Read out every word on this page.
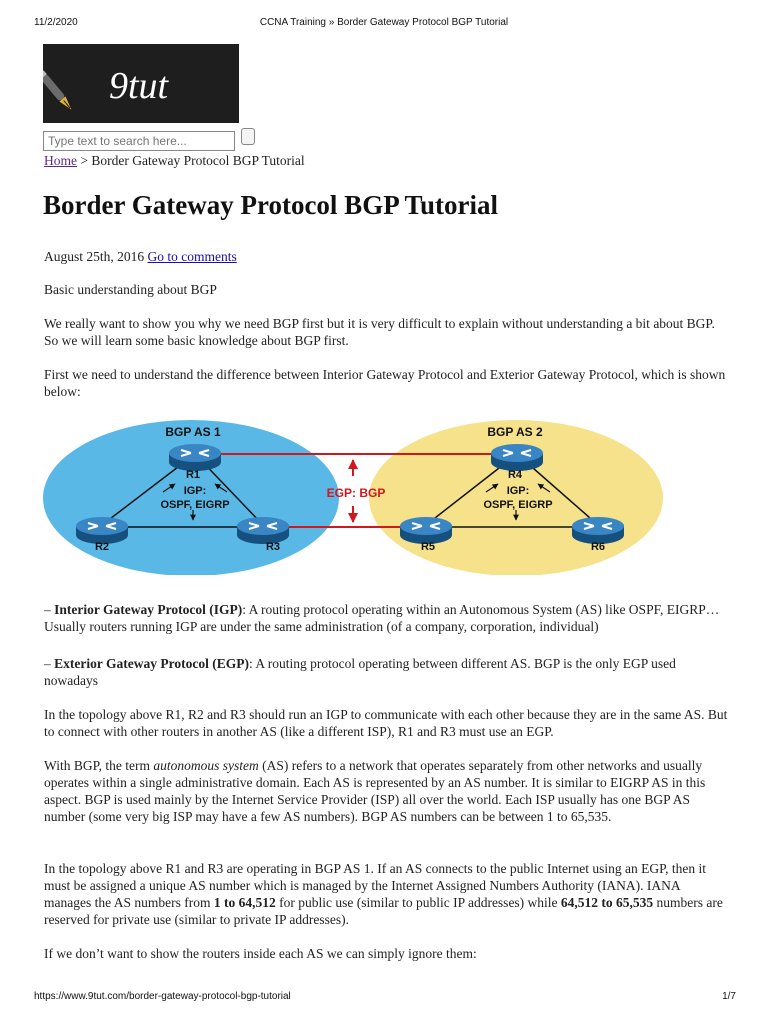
11/2/2020	CCNA Training » Border Gateway Protocol BGP Tutorial
9tut
Type text to search here...
Home > Border Gateway Protocol BGP Tutorial
Border Gateway Protocol BGP Tutorial
August 25th, 2016 Go to comments

Basic understanding about BGP

We really want to show you why we need BGP first but it is very difficult to explain without understanding a bit about BGP. So we will learn some basic knowledge about BGP first.

First we need to understand the difference between Interior Gateway Protocol and Exterior Gateway Protocol, which is shown below:

BGP AS 1	BGP AS 2
EGP: BGP
IGP:
OSPF, EIGRP
IGP:
OSPF, EIGRP
R1
R2	R3
R4
R5	R6

– Interior Gateway Protocol (IGP): A routing protocol operating within an Autonomous System (AS) like OSPF, EIGRP… Usually routers running IGP are under the same administration (of a company, corporation, individual)

– Exterior Gateway Protocol (EGP): A routing protocol operating between different AS. BGP is the only EGP used nowadays

In the topology above R1, R2 and R3 should run an IGP to communicate with each other because they are in the same AS. But to connect with other routers in another AS (like a different ISP), R1 and R3 must use an EGP.

With BGP, the term autonomous system (AS) refers to a network that operates separately from other networks and usually operates within a single administrative domain. Each AS is represented by an AS number. It is similar to EIGRP AS in this aspect. BGP is used mainly by the Internet Service Provider (ISP) all over the world. Each ISP usually has one BGP AS number (some very big ISP may have a few AS numbers). BGP AS numbers can be between 1 to 65,535.

In the topology above R1 and R3 are operating in BGP AS 1. If an AS connects to the public Internet using an EGP, then it must be assigned a unique AS number which is managed by the Internet Assigned Numbers Authority (IANA). IANA manages the AS numbers from 1 to 64,512 for public use (similar to public IP addresses) while 64,512 to 65,535 numbers are reserved for private use (similar to private IP addresses).

If we don’t want to show the routers inside each AS we can simply ignore them:

https://www.9tut.com/border-gateway-protocol-bgp-tutorial	1/7
